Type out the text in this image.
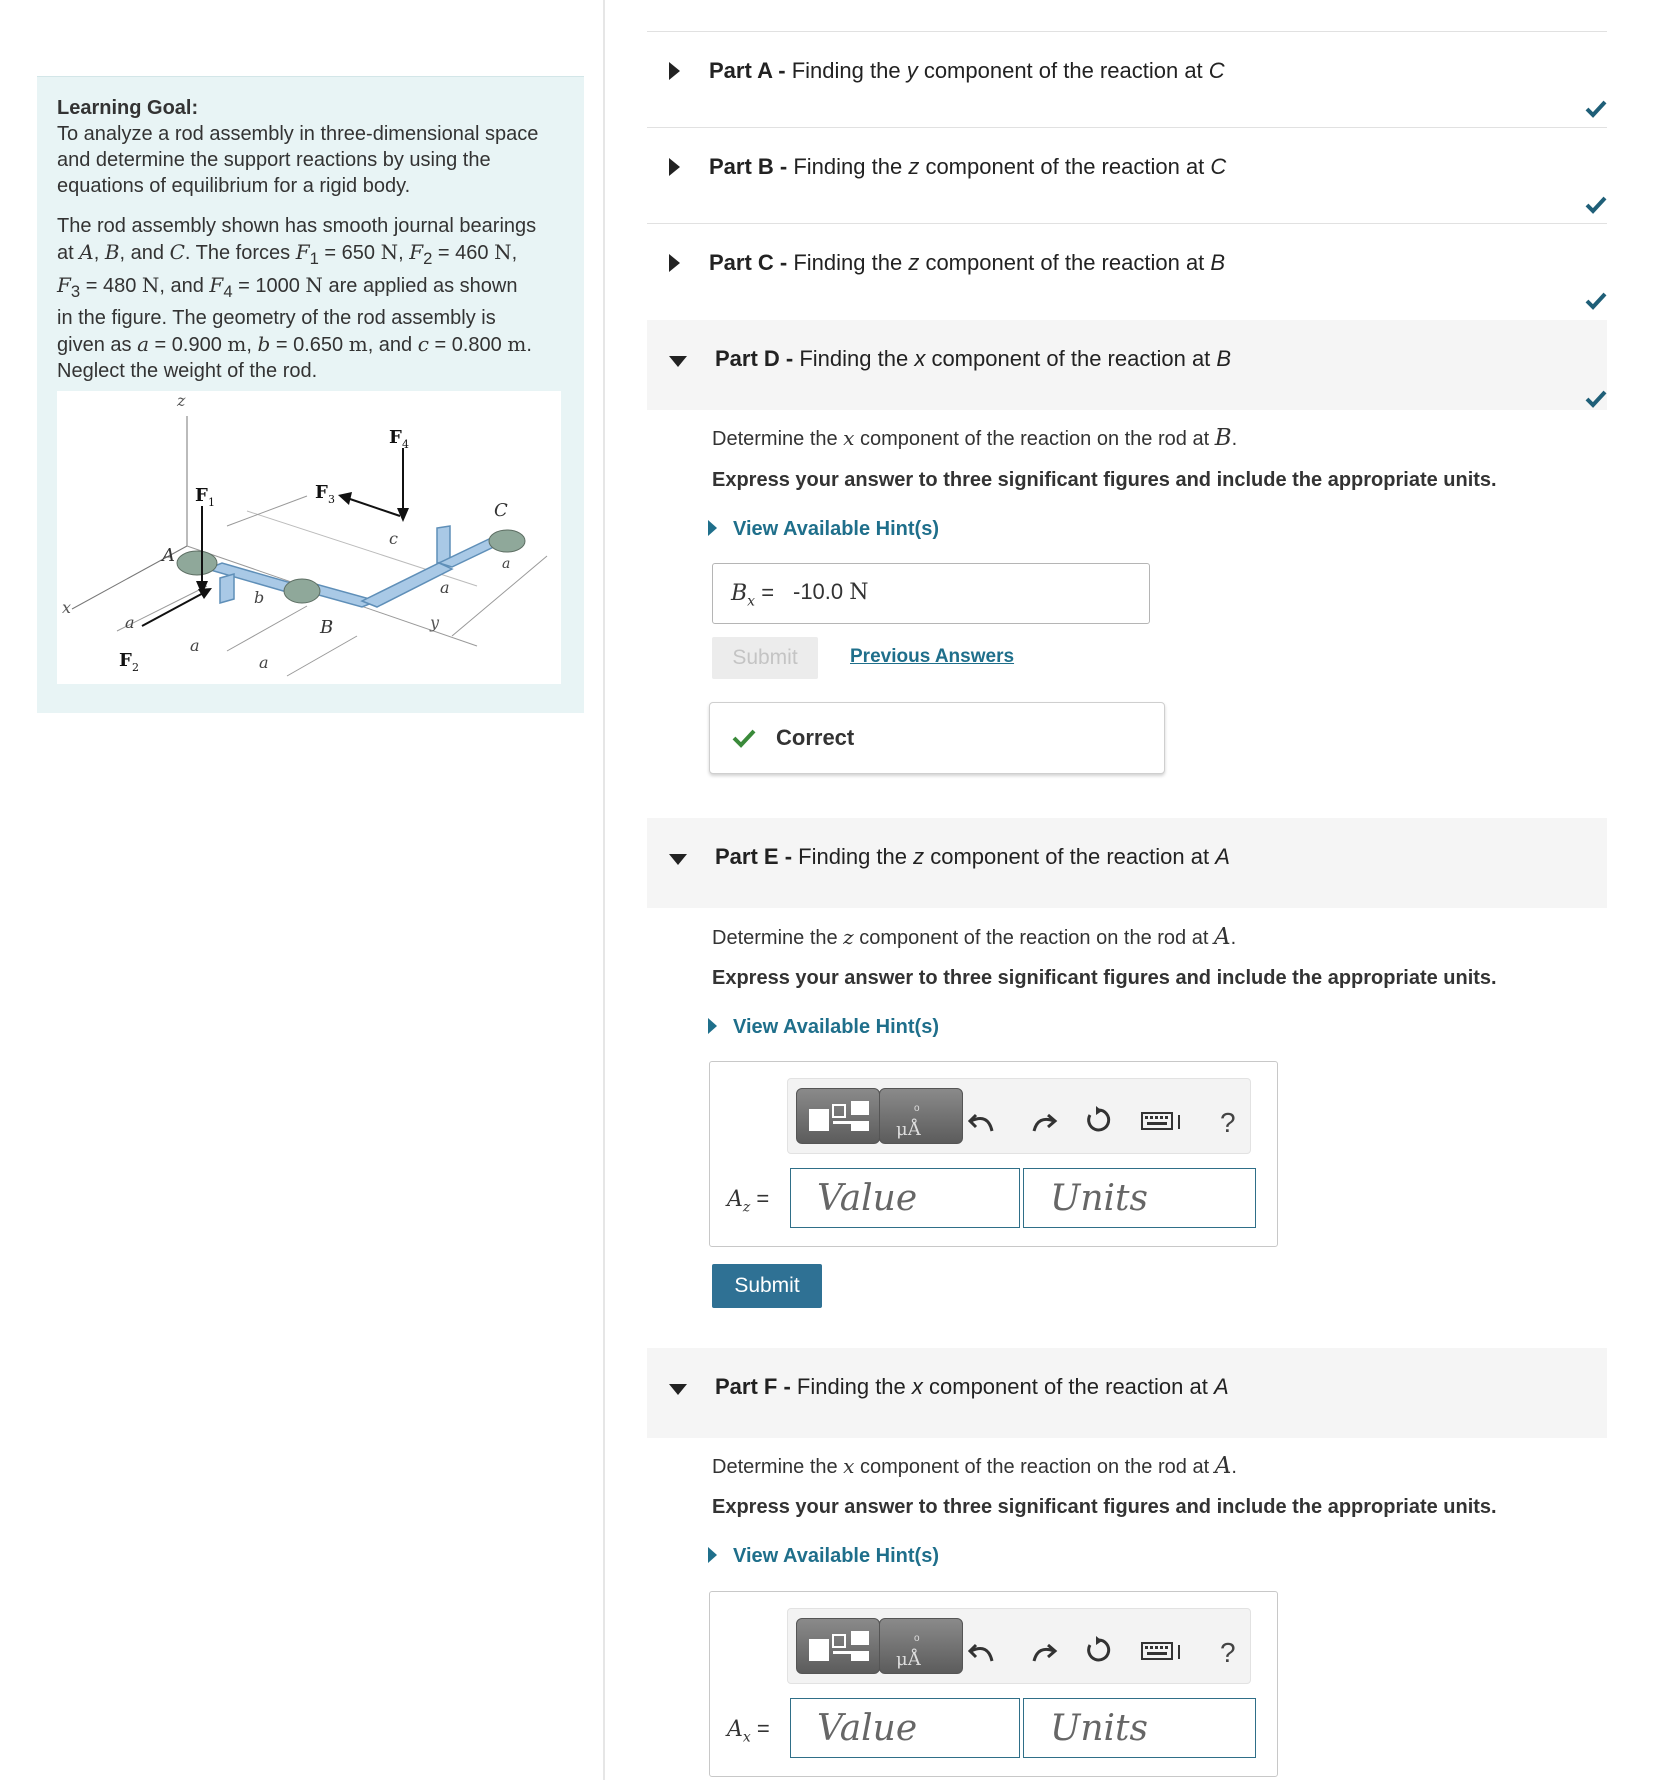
Learning Goal:

To analyze a rod assembly in three-dimensional space and determine the support reactions by using the equations of equilibrium for a rigid body.

The rod assembly shown has smooth journal bearings
at A, B, and C. The forces $F_1 = 650$ N, $F_2 = 460$ N,
$F_3 = 480$ N, and $F_4 = 1000$ N are applied as shown
in the figure. The geometry of the rod assembly is
given as a = 0.900 m, b = 0.650 m, and c = 0.800 m.
Neglect the weight of the rod.

z
x
y
F 4
F 1	F 3
F 2
A
B
C
a
a
a
a
a
b
c
Part A - Finding the y component of the reaction at C
Part B - Finding the z component of the reaction at C
Part C - Finding the z component of the reaction at B
Part D - Finding the x component of the reaction at B
Determine the x component of the reaction on the rod at B.
Express your answer to three significant figures and include the appropriate units.
View Available Hint(s)
$B_x = -10.0$ N
Submit	Previous Answers
Correct
Part E - Finding the z component of the reaction at A
Determine the z component of the reaction on the rod at A.
Express your answer to three significant figures and include the appropriate units.
View Available Hint(s)
μÅ
o	?
$A_z$ =	Value	Units
Submit
Part F - Finding the x component of the reaction at A
Determine the x component of the reaction on the rod at A.
Express your answer to three significant figures and include the appropriate units.
View Available Hint(s)
μÅ
o	?
$A_x$ =	Value	Units
